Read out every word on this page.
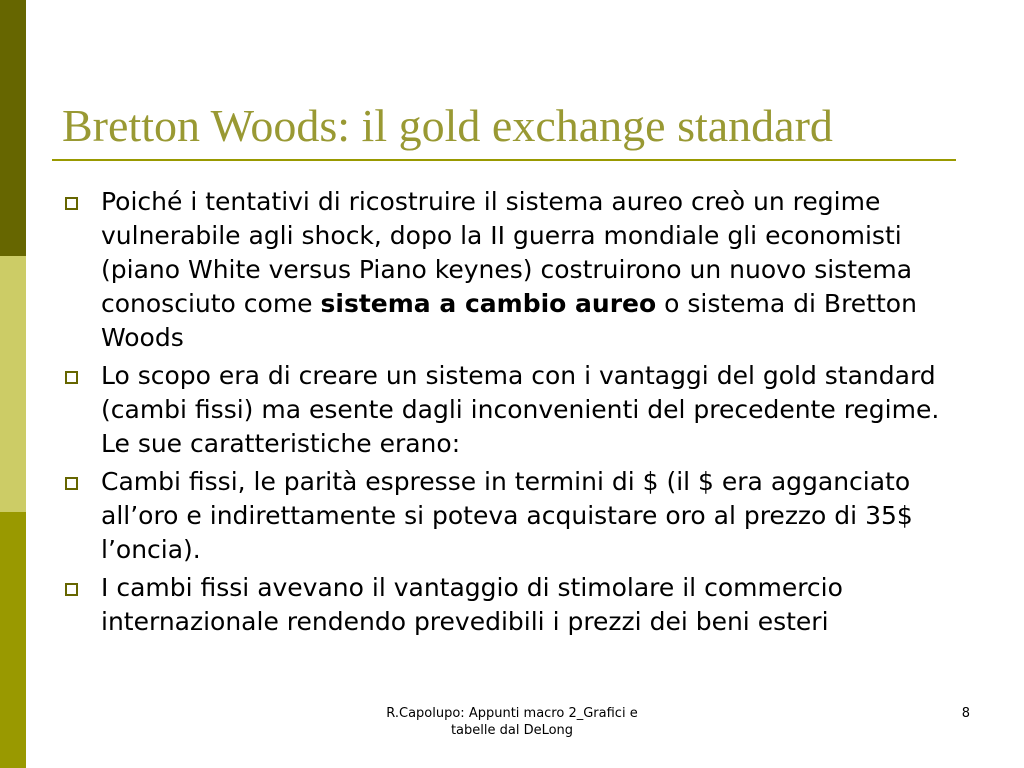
Bretton Woods: il gold exchange standard
Poiché i tentativi di ricostruire il sistema aureo creò un regime vulnerabile agli shock, dopo la II guerra mondiale gli economisti (piano White versus Piano keynes) costruirono un nuovo sistema conosciuto come sistema a cambio aureo o sistema di Bretton Woods
Lo scopo era di creare un sistema con i vantaggi del gold standard (cambi fissi) ma esente dagli inconvenienti del precedente regime. Le sue caratteristiche erano:
Cambi fissi, le parità espresse in termini di $ (il $ era agganciato all’oro e indirettamente si poteva acquistare oro al prezzo di 35$ l’oncia).
I cambi fissi avevano il vantaggio di stimolare il commercio internazionale rendendo prevedibili i prezzi dei beni esteri
R.Capolupo: Appunti macro 2_Grafici e
tabelle dal DeLong
8
